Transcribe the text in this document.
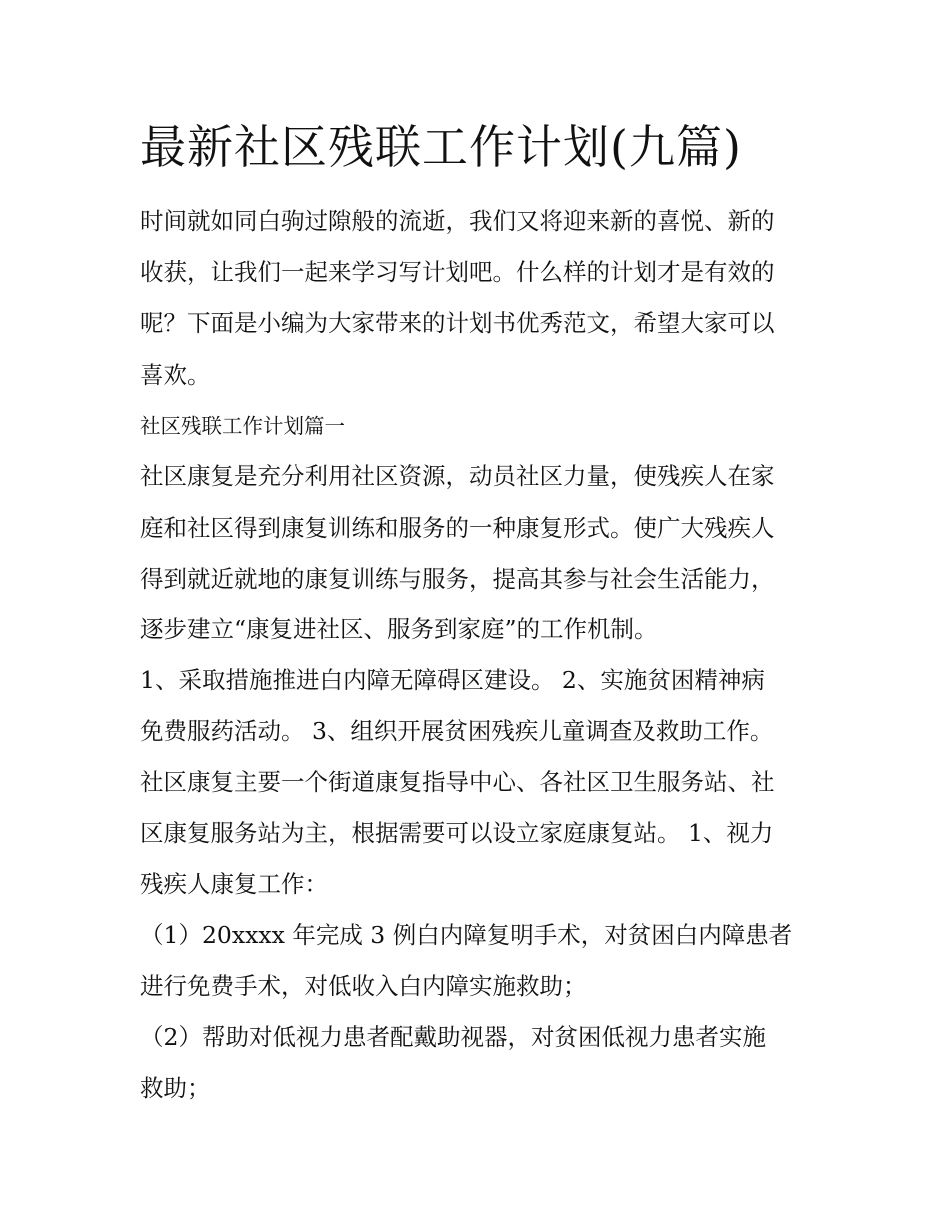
最新社区残联工作计划(九篇)

时间就如同白驹过隙般的流逝，我们又将迎来新的喜悦、新的

收获，让我们一起来学习写计划吧。什么样的计划才是有效的

呢？下面是小编为大家带来的计划书优秀范文，希望大家可以

喜欢。

社区残联工作计划篇一

社区康复是充分利用社区资源，动员社区力量，使残疾人在家

庭和社区得到康复训练和服务的一种康复形式。使广大残疾人

得到就近就地的康复训练与服务，提高其参与社会生活能力，

逐步建立“康复进社区、服务到家庭”的工作机制。

1、采取措施推进白内障无障碍区建设。 2、实施贫困精神病

免费服药活动。 3、组织开展贫困残疾儿童调查及救助工作。

社区康复主要一个街道康复指导中心、各社区卫生服务站、社

区康复服务站为主，根据需要可以设立家庭康复站。 1、视力

残疾人康复工作：

（1）20xxxx 年完成 3 例白内障复明手术，对贫困白内障患者

进行免费手术，对低收入白内障实施救助；

（2）帮助对低视力患者配戴助视器，对贫困低视力患者实施

救助；
